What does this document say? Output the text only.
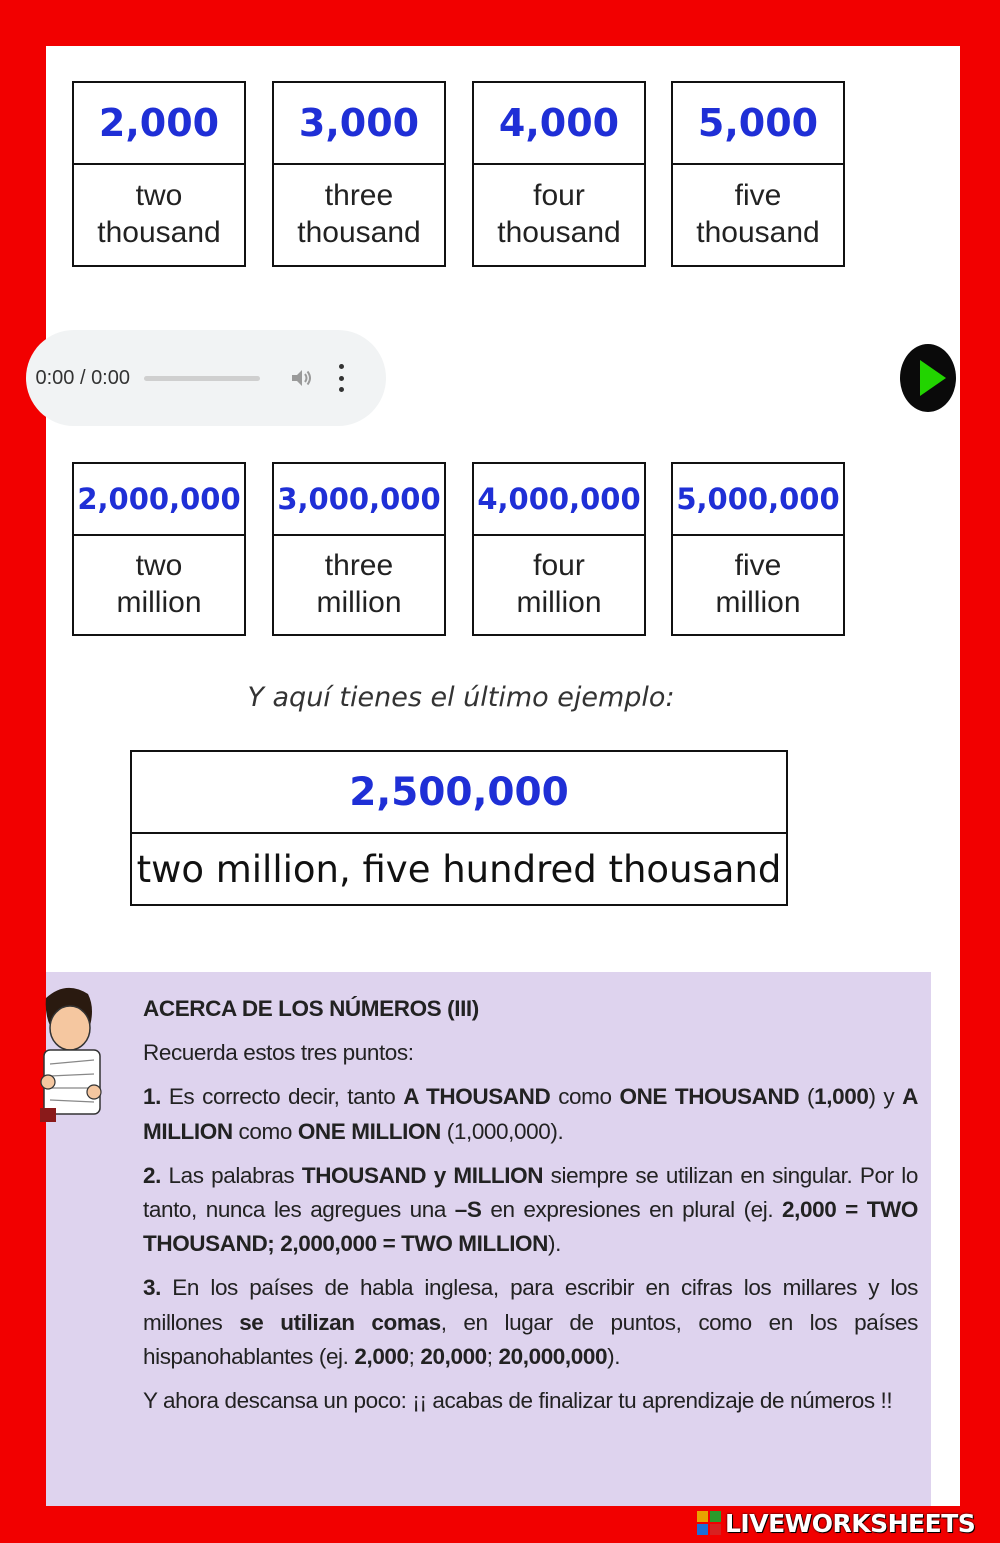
2,000
two
thousand
3,000
three
thousand
4,000
four
thousand
5,000
five
thousand
0:00 / 0:00
2,000,000
two
million
3,000,000
three
million
4,000,000
four
million
5,000,000
five
million
Y aquí tienes el último ejemplo:
2,500,000
two million, five hundred thousand

ACERCA DE LOS NÚMEROS (III)

Recuerda estos tres puntos:

1. Es correcto decir, tanto A THOUSAND como ONE THOUSAND (1,000) y A MILLION como ONE MILLION (1,000,000).

2. Las palabras THOUSAND y MILLION siempre se utilizan en singular. Por lo tanto, nunca les agregues una –S en expresiones en plural (ej. 2,000 = TWO THOUSAND; 2,000,000 = TWO MILLION).

3. En los países de habla inglesa, para escribir en cifras los millares y los millones se utilizan comas, en lugar de puntos, como en los países hispanohablantes (ej. 2,000; 20,000; 20,000,000).

Y ahora descansa un poco: ¡¡ acabas de finalizar tu aprendizaje de números !!

LIVEWORKSHEETS
